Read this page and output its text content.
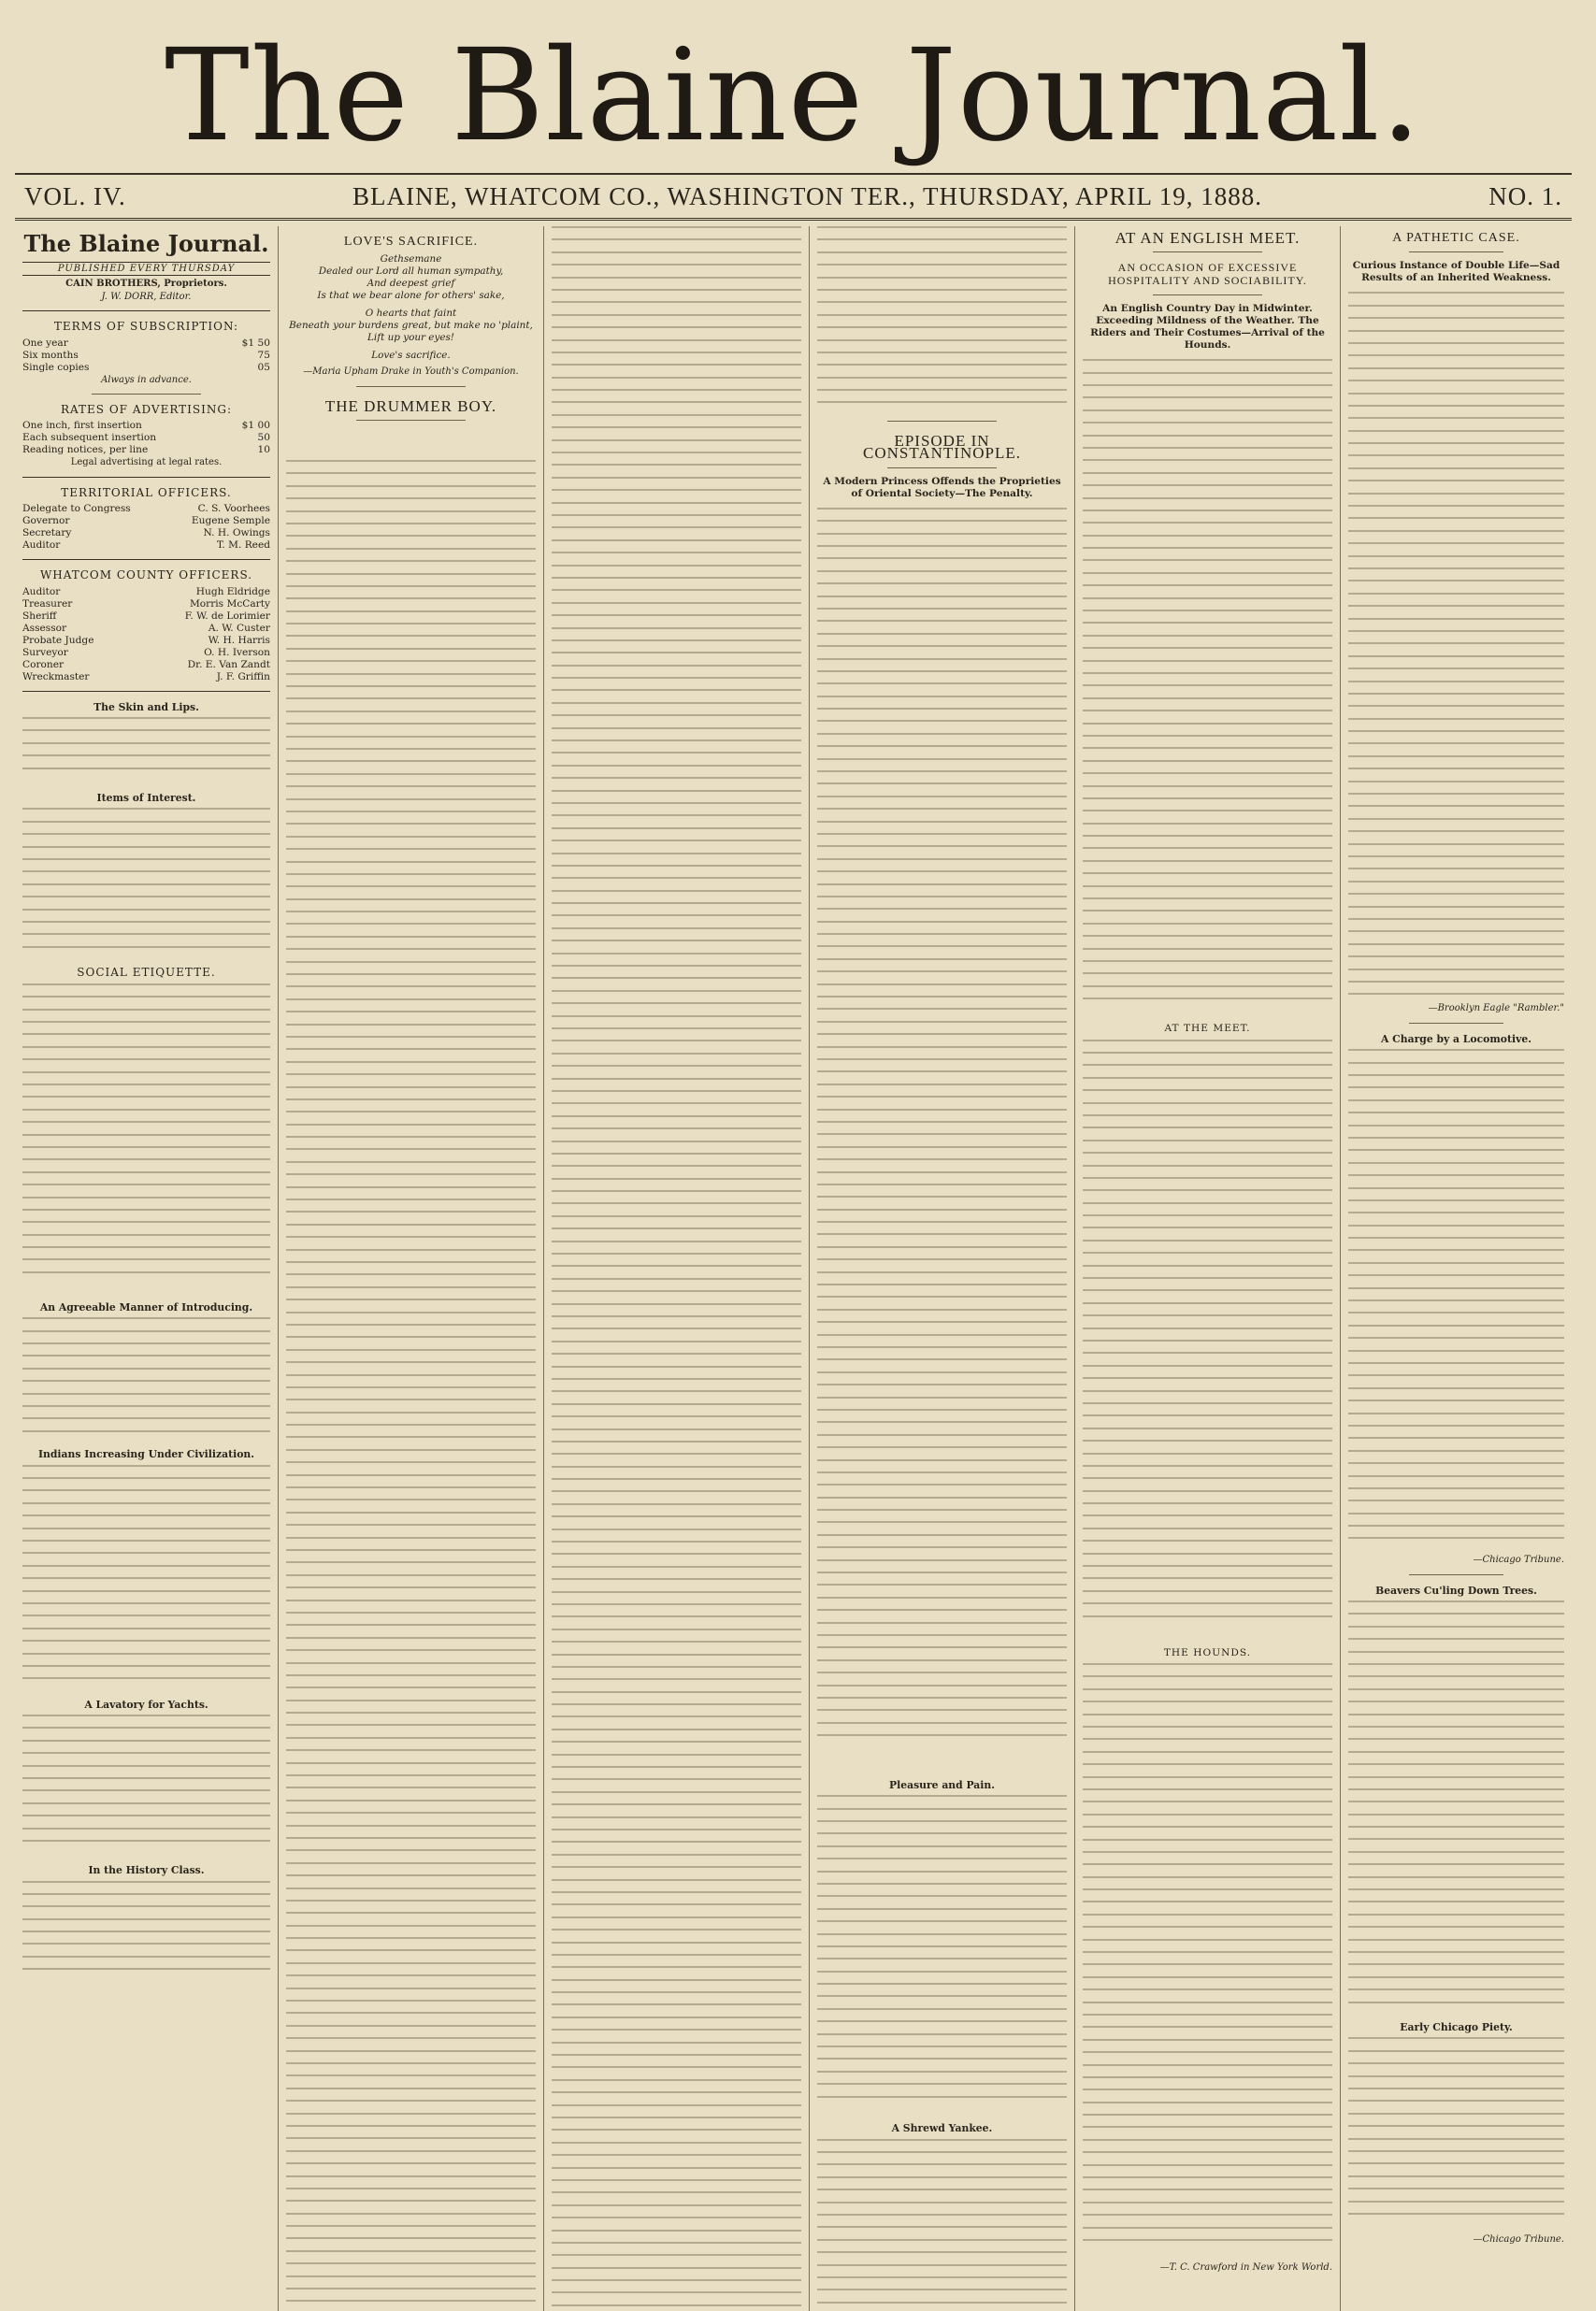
The Blaine Journal.
VOL. IV.	BLAINE, WHATCOM CO., WASHINGTON TER., THURSDAY, APRIL 19, 1888.	NO. 1.
The Blaine Journal.
PUBLISHED EVERY THURSDAY
CAIN BROTHERS, Proprietors.
J. W. DORR, Editor.
TERMS OF SUBSCRIPTION:
One year	$1 50
Six months	75
Single copies	05
Always in advance.
RATES OF ADVERTISING:
One inch, first insertion	$1 00
Each subsequent insertion	50
Reading notices, per line	10
Legal advertising at legal rates.
TERRITORIAL OFFICERS.
Delegate to Congress	C. S. Voorhees
Governor	Eugene Semple
Secretary	N. H. Owings
Auditor	T. M. Reed
WHATCOM COUNTY OFFICERS.
Auditor	Hugh Eldridge
Treasurer	Morris McCarty
Sheriff	F. W. de Lorimier
Assessor	A. W. Custer
Probate Judge	W. H. Harris
Surveyor	O. H. Iverson
Coroner	Dr. E. Van Zandt
Wreckmaster	J. F. Griffin
The Skin and Lips.
Items of Interest.
SOCIAL ETIQUETTE.
An Agreeable Manner of Introducing.
Indians Increasing Under Civilization.
A Lavatory for Yachts.
In the History Class.
LOVE'S SACRIFICE.
Gethsemane
Dealed our Lord all human sympathy,
And deepest grief
Is that we bear alone for others' sake,
O hearts that faint
Beneath your burdens great, but make no 'plaint,
Lift up your eyes!
Love's sacrifice.
—Maria Upham Drake in Youth's Companion.
THE DRUMMER BOY.
EPISODE IN CONSTANTINOPLE.
A Modern Princess Offends the Proprieties of Oriental Society—The Penalty.
Pleasure and Pain.
A Shrewd Yankee.
AT AN ENGLISH MEET.
AN OCCASION OF EXCESSIVE HOSPITALITY AND SOCIABILITY.
An English Country Day in Midwinter. Exceeding Mildness of the Weather. The Riders and Their Costumes—Arrival of the Hounds.
AT THE MEET.
THE HOUNDS.
—T. C. Crawford in New York World.
A PATHETIC CASE.
Curious Instance of Double Life—Sad Results of an Inherited Weakness.
—Brooklyn Eagle "Rambler."
A Charge by a Locomotive.
—Chicago Tribune.
Beavers Cu'ling Down Trees.
Early Chicago Piety.
—Chicago Tribune.
